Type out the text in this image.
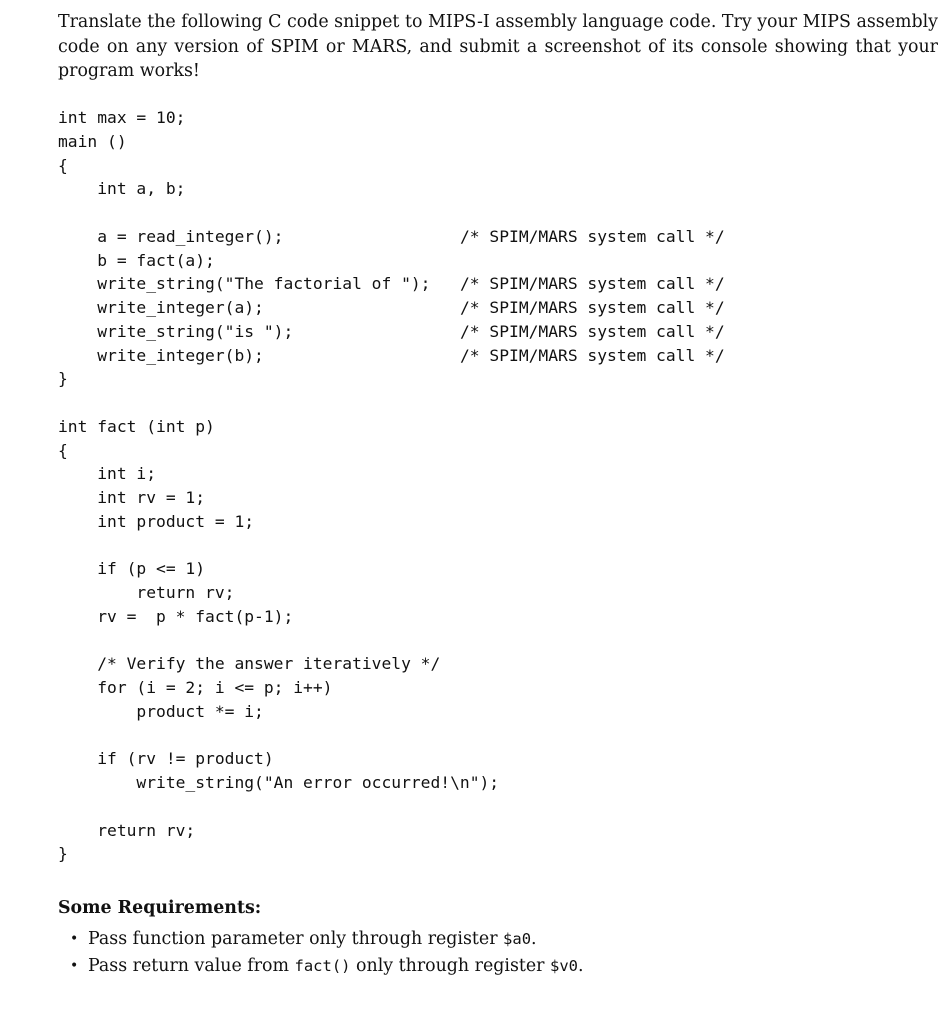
Translate the following C code snippet to MIPS-I assembly language code. Try your MIPS assembly code on any version of SPIM or MARS, and submit a screenshot of its console showing that your program works!

int max = 10;
main ()
{
int a, b;
a = read_integer();	/* SPIM/MARS system call */
b = fact(a);
write_string("The factorial of "); /* SPIM/MARS system call */
write_integer(a);	/* SPIM/MARS system call */
write_string("is ");	/* SPIM/MARS system call */
write_integer(b);	/* SPIM/MARS system call */
}
int fact (int p)
{
int i;
int rv = 1;
int product = 1;
if (p <= 1)
return rv;
rv =  p * fact(p-1);
/* Verify the answer iteratively */
for (i = 2; i <= p; i++)
product *= i;
if (rv != product)
write_string("An error occurred!\n");
return rv;
}
Some Requirements:
• Pass function parameter only through register $a0.
• Pass return value from fact() only through register $v0.
